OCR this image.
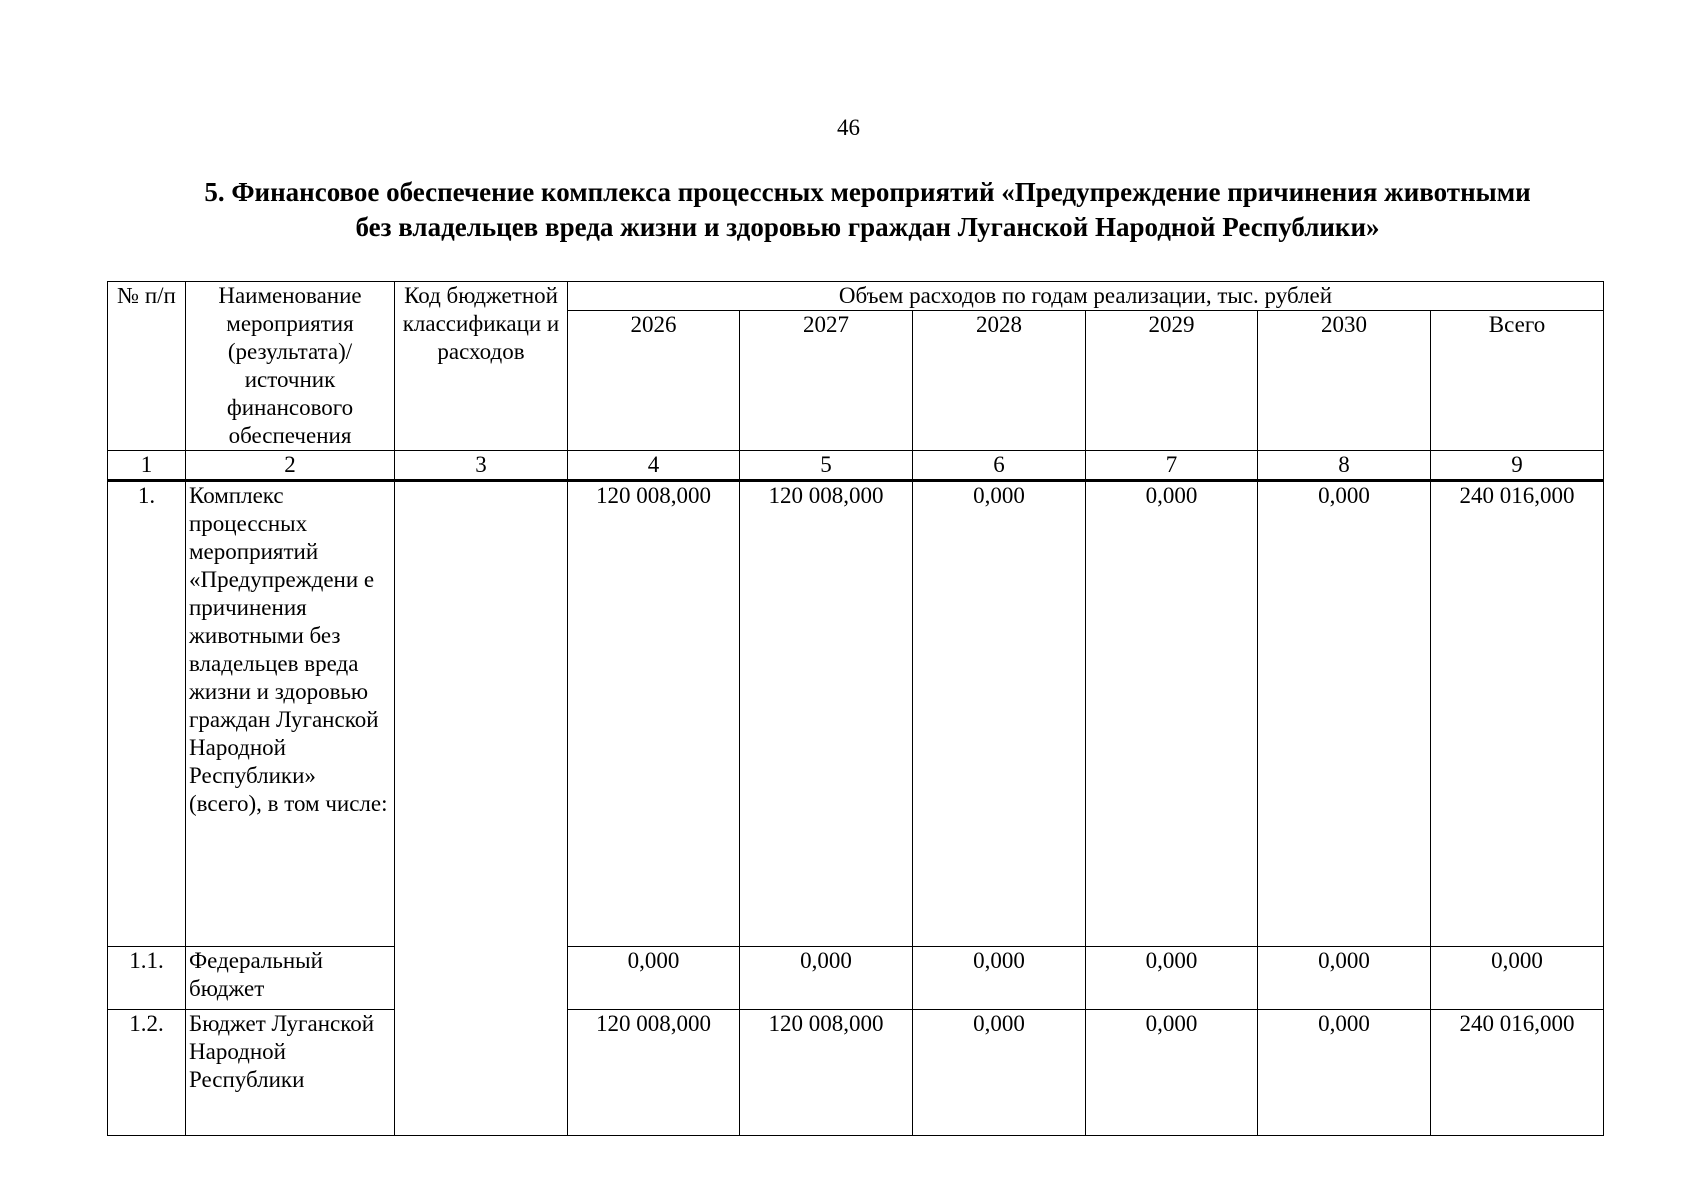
46
5. Финансовое обеспечение комплекса процессных мероприятий «Предупреждение причинения животными
без владельцев вреда жизни и здоровью граждан Луганской Народной Республики»
№ п/п	Наименование мероприятия (результата)/ источник финансового обеспечения	Код бюджетной классификаци и расходов	Объем расходов по годам реализации, тыс. рублей					
			2026	2027	2028	2029	2030	Всего
1	2	3	4	5	6	7	8	9
1.	Комплекс процессных мероприятий «Предупреждени е причинения животными без владельцев вреда жизни и здоровью граждан Луганской Народной Республики» (всего), в том числе:		120 008,000	120 008,000	0,000	0,000	0,000	240 016,000
1.1.	Федеральный бюджет		0,000	0,000	0,000	0,000	0,000	0,000
1.2.	Бюджет Луганской Народной Республики		120 008,000	120 008,000	0,000	0,000	0,000	240 016,000
